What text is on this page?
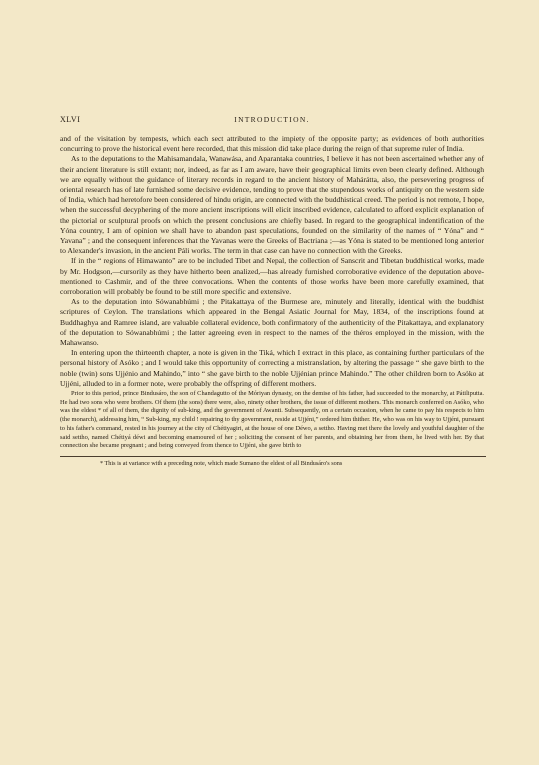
XLVI	INTRODUCTION.

and of the visitation by tempests, which each sect attributed to the impiety of the opposite party; as evidences of both authorities concurring to prove the historical event here recorded, that this mission did take place during the reign of that supreme ruler of India.

As to the deputations to the Mahisamandala, Wanawása, and Aparantaka countries, I believe it has not been ascertained whether any of their ancient literature is still extant; nor, indeed, as far as I am aware, have their geographical limits even been clearly defined. Although we are equally without the guidance of literary records in regard to the ancient history of Mahárátta, also, the persevering progress of oriental research has of late furnished some decisive evidence, tending to prove that the stupendous works of antiquity on the western side of India, which had heretofore been considered of hindu origin, are connected with the buddhistical creed. The period is not remote, I hope, when the successful decyphering of the more ancient inscriptions will elicit inscribed evidence, calculated to afford explicit explanation of the pictorial or sculptural proofs on which the present conclusions are chiefly based. In regard to the geographical indentification of the Yóna country, I am of opinion we shall have to abandon past speculations, founded on the similarity of the names of “ Yóna” and “ Yavana” ; and the consequent inferences that the Yavanas were the Greeks of Bactriana ;—as Yóna is stated to be mentioned long anterior to Alexander's invasion, in the ancient Páli works. The term in that case can have no connection with the Greeks.

If in the “ regions of Himawanto” are to be included Tibet and Nepal, the collection of Sanscrit and Tibetan buddhistical works, made by Mr. Hodgson,—cursorily as they have hitherto been analized,—has already furnished corroborative evidence of the deputation above-mentioned to Cashmir, and of the three convocations. When the contents of those works have been more carefully examined, that corroboration will probably be found to be still more specific and extensive.

As to the deputation into Sówanabhúmi ; the Pitakattaya of the Burmese are, minutely and literally, identical with the buddhist scriptures of Ceylon. The translations which appeared in the Bengal Asiatic Journal for May, 1834, of the inscriptions found at Buddhaghya and Ramree island, are valuable collateral evidence, both confirmatory of the authenticity of the Pitakattaya, and explanatory of the deputation to Sówanabhúmi ; the latter agreeing even in respect to the names of the théros employed in the mission, with the Mahawanso.

In entering upon the thirteenth chapter, a note is given in the Tiká, which I extract in this place, as containing further particulars of the personal history of Asóko ; and I would take this opportunity of correcting a mistranslation, by altering the passage “ she gave birth to the noble (twin) sons Ujjénio and Mahindo,” into “ she gave birth to the noble Ujjénian prince Mahindo.” The other children born to Asóko at Ujjéni, alluded to in a former note, were probably the offspring of different mothers.

Prior to this period, prince Bindusáro, the son of Chandagutto of the Móriyan dynasty, on the demise of his father, had succeeded to the monarchy, at Pátiliputta. He had two sons who were brothers. Of them (the sons) there were, also, ninety other brothers, the issue of different mothers. This monarch conferred on Asóko, who was the eldest * of all of them, the dignity of sub-king, and the government of Awanti. Subsequently, on a certain occasion, when he came to pay his respects to him (the monarch), addressing him, “ Sub-king, my child ! repairing to thy government, reside at Ujjéni,” ordered him thither. He, who was on his way to Ujjéni, pursuant to his father's command, rested in his journey at the city of Chétiyagiri, at the house of one Déwo, a settho. Having met there the lovely and youthful daughter of the said settho, named Chétiyá déwi and becoming enamoured of her ; soliciting the consent of her parents, and obtaining her from them, he lived with her. By that connection she became pregnant ; and being conveyed from thence to Ujjéni, she gave birth to

* This is at variance with a preceding note, which made Sumano the eldest of all Bindusáro's sons
